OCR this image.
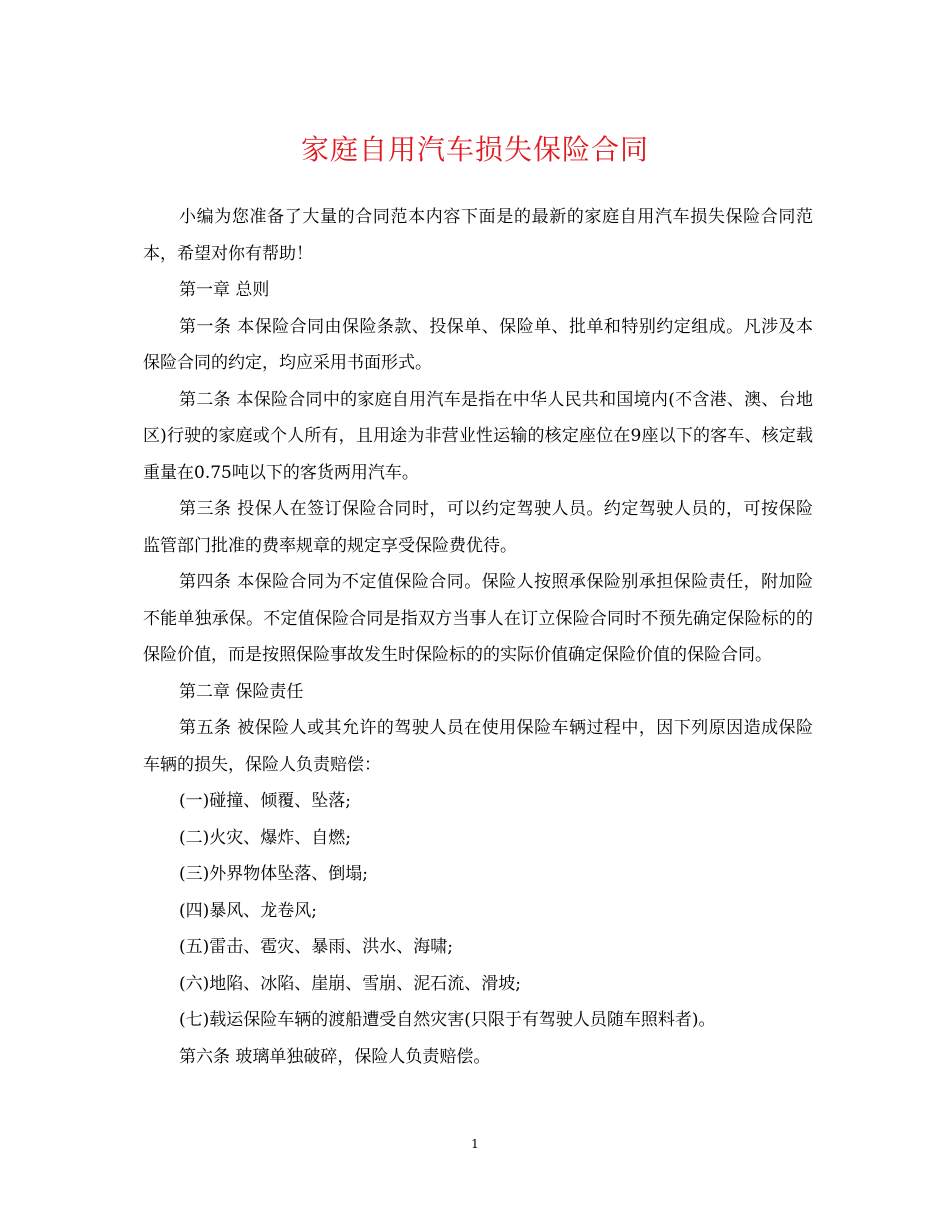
家庭自用汽车损失保险合同

小编为您准备了大量的合同范本内容下面是的最新的家庭自用汽车损失保险合同范本，希望对你有帮助！

第一章 总则

第一条 本保险合同由保险条款、投保单、保险单、批单和特别约定组成。凡涉及本保险合同的约定，均应采用书面形式。

第二条 本保险合同中的家庭自用汽车是指在中华人民共和国境内(不含港、澳、台地区)行驶的家庭或个人所有，且用途为非营业性运输的核定座位在9座以下的客车、核定载重量在0.75吨以下的客货两用汽车。

第三条 投保人在签订保险合同时，可以约定驾驶人员。约定驾驶人员的，可按保险监管部门批准的费率规章的规定享受保险费优待。

第四条 本保险合同为不定值保险合同。保险人按照承保险别承担保险责任，附加险不能单独承保。不定值保险合同是指双方当事人在订立保险合同时不预先确定保险标的的保险价值，而是按照保险事故发生时保险标的的实际价值确定保险价值的保险合同。

第二章 保险责任

第五条 被保险人或其允许的驾驶人员在使用保险车辆过程中，因下列原因造成保险车辆的损失，保险人负责赔偿：

(一)碰撞、倾覆、坠落;

(二)火灾、爆炸、自燃;

(三)外界物体坠落、倒塌;

(四)暴风、龙卷风;

(五)雷击、雹灾、暴雨、洪水、海啸;

(六)地陷、冰陷、崖崩、雪崩、泥石流、滑坡;

(七)载运保险车辆的渡船遭受自然灾害(只限于有驾驶人员随车照料者)。

第六条 玻璃单独破碎，保险人负责赔偿。

1
